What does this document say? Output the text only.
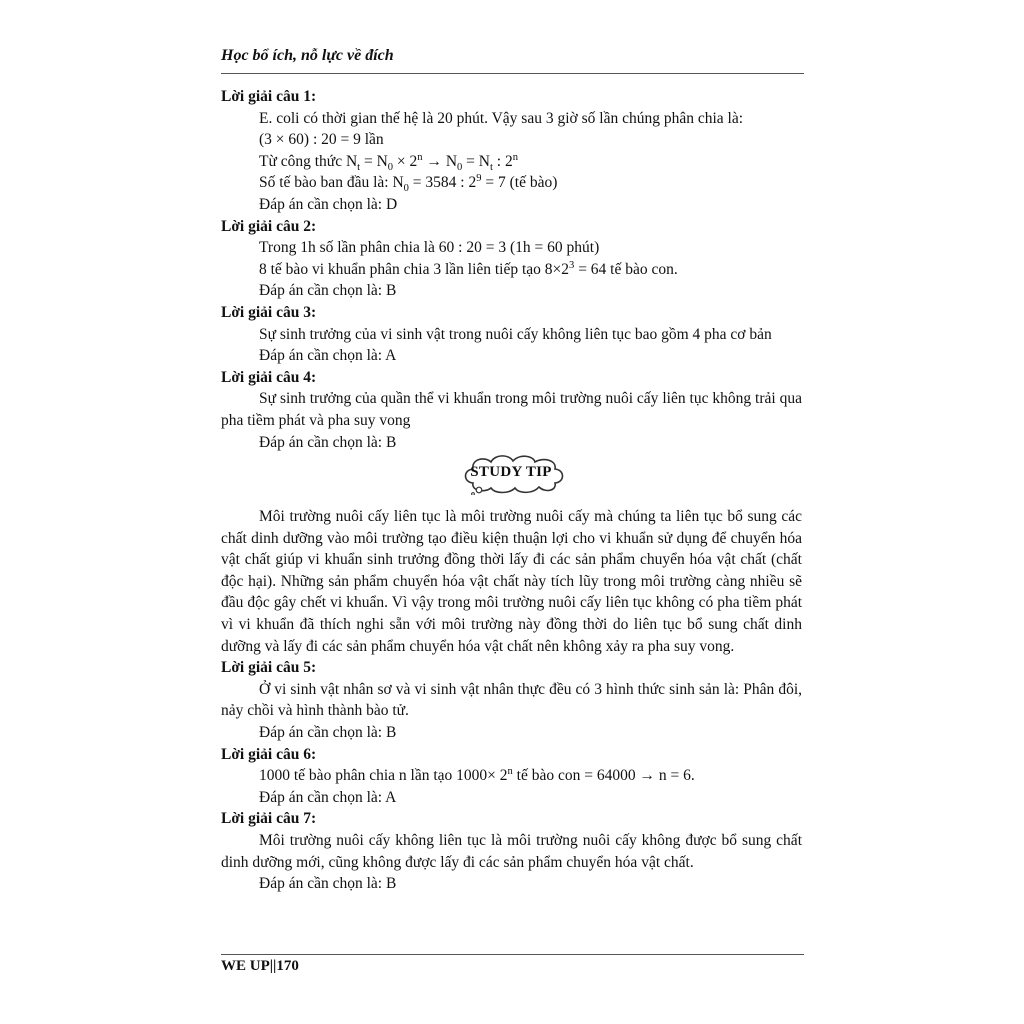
Học bổ ích, nỗ lực về đích
Lời giải câu 1:
E. coli có thời gian thế hệ là 20 phút. Vậy sau 3 giờ số lần chúng phân chia là:
(3 × 60) : 20 = 9 lần
Từ công thức $N_t = N_0 \times 2^n \to N_0 = N_t$ : 2$^n$
Số tế bào ban đầu là: $N_0 = 3584$ : $2^9 = 7$ (tế bào)
Đáp án cần chọn là: D
Lời giải câu 2:
Trong 1h số lần phân chia là 60 : 20 = 3 (1h = 60 phút)
8 tế bào vi khuẩn phân chia 3 lần liên tiếp tạo $8\times 2^3 = 64$ tế bào con.
Đáp án cần chọn là: B
Lời giải câu 3:
Sự sinh trưởng của vi sinh vật trong nuôi cấy không liên tục bao gồm 4 pha cơ bản
Đáp án cần chọn là: A
Lời giải câu 4:
Sự sinh trưởng của quần thể vi khuẩn trong môi trường nuôi cấy liên tục không trải qua pha tiềm phát và pha suy vong
Đáp án cần chọn là: B
STUDY TIP
Môi trường nuôi cấy liên tục là môi trường nuôi cấy mà chúng ta liên tục bổ sung các chất dinh dưỡng vào môi trường tạo điều kiện thuận lợi cho vi khuẩn sử dụng để chuyển hóa vật chất giúp vi khuẩn sinh trưởng đồng thời lấy đi các sản phẩm chuyển hóa vật chất (chất độc hại). Những sản phẩm chuyển hóa vật chất này tích lũy trong môi trường càng nhiều sẽ đầu độc gây chết vi khuẩn. Vì vậy trong môi trường nuôi cấy liên tục không có pha tiềm phát vì vi khuẩn đã thích nghi sẵn với môi trường này đồng thời do liên tục bổ sung chất dinh dưỡng và lấy đi các sản phẩm chuyển hóa vật chất nên không xảy ra pha suy vong.
Lời giải câu 5:
Ở vi sinh vật nhân sơ và vi sinh vật nhân thực đều có 3 hình thức sinh sản là: Phân đôi, nảy chồi và hình thành bào tử.
Đáp án cần chọn là: B
Lời giải câu 6:
1000 tế bào phân chia n lần tạo $1000\times 2^n$ tế bào con = 64000 → n = 6.
Đáp án cần chọn là: A
Lời giải câu 7:
Môi trường nuôi cấy không liên tục là môi trường nuôi cấy không được bổ sung chất dinh dưỡng mới, cũng không được lấy đi các sản phẩm chuyển hóa vật chất.
Đáp án cần chọn là: B
WE UP||170
